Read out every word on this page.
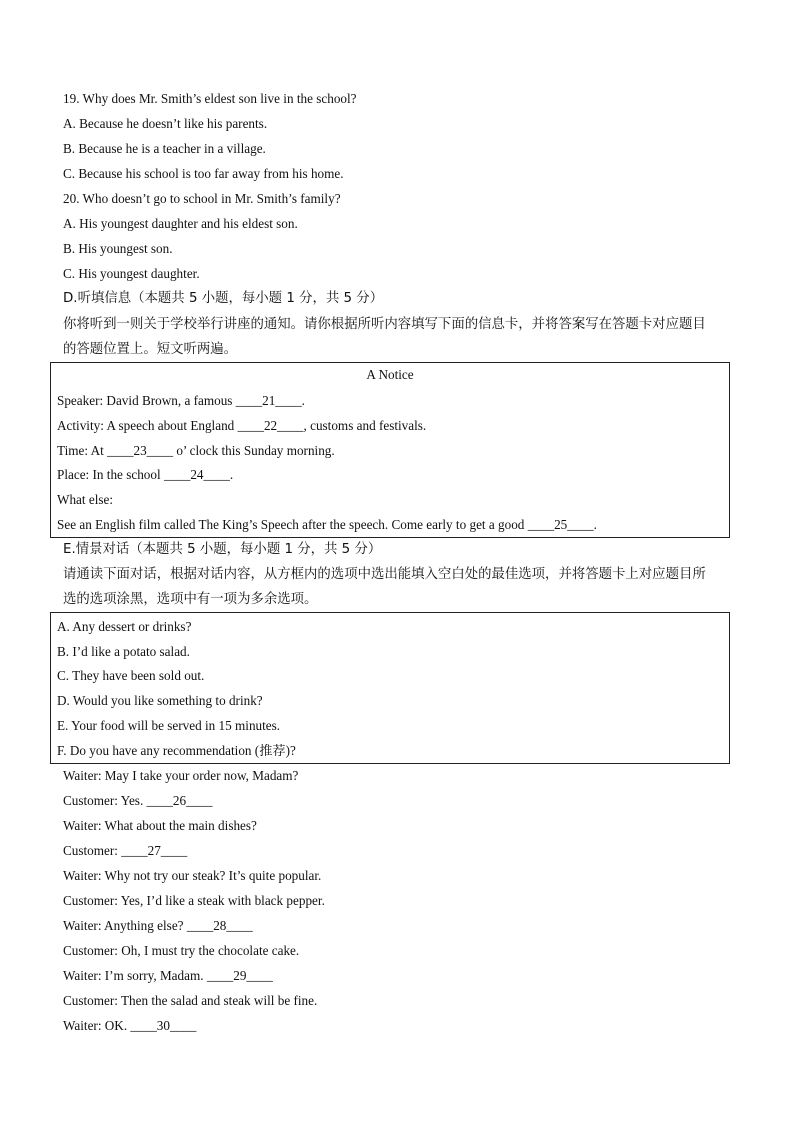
19. Why does Mr. Smith’s eldest son live in the school?
A. Because he doesn’t like his parents.
B. Because he is a teacher in a village.
C. Because his school is too far away from his home.
20. Who doesn’t go to school in Mr. Smith’s family?
A. His youngest daughter and his eldest son.
B. His youngest son.
C. His youngest daughter.
D.听填信息（本题共 5 小题，每小题 1 分，共 5 分）
你将听到一则关于学校举行讲座的通知。请你根据所听内容填写下面的信息卡，并将答案写在答题卡对应题目
的答题位置上。短文听两遍。
A Notice
Speaker: David Brown, a famous ____21____.
Activity: A speech about England ____22____, customs and festivals.
Time: At ____23____ o’ clock this Sunday morning.
Place: In the school ____24____.
What else:
See an English film called The King’s Speech after the speech. Come early to get a good ____25____.
E.情景对话（本题共 5 小题，每小题 1 分，共 5 分）
请通读下面对话，根据对话内容，从方框内的选项中选出能填入空白处的最佳选项，并将答题卡上对应题目所
选的选项涂黑，选项中有一项为多余选项。
A. Any dessert or drinks?
B. I’d like a potato salad.
C. They have been sold out.
D. Would you like something to drink?
E. Your food will be served in 15 minutes.
F. Do you have any recommendation (推荐)?
Waiter: May I take your order now, Madam?
Customer: Yes. ____26____
Waiter: What about the main dishes?
Customer: ____27____
Waiter: Why not try our steak? It’s quite popular.
Customer: Yes, I’d like a steak with black pepper.
Waiter: Anything else? ____28____
Customer: Oh, I must try the chocolate cake.
Waiter: I’m sorry, Madam. ____29____
Customer: Then the salad and steak will be fine.
Waiter: OK. ____30____
